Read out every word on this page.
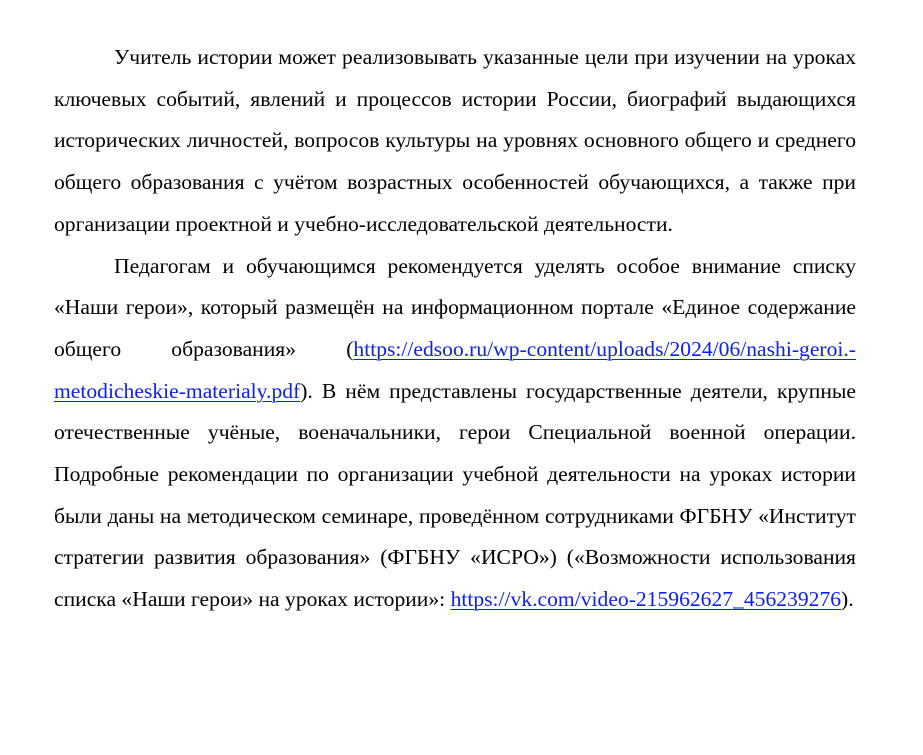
Учитель истории может реализовывать указанные цели при изучении на уроках ключевых событий, явлений и процессов истории России, биографий выдающихся исторических личностей, вопросов культуры на уровнях основного общего и среднего общего образования с учётом возрастных особенностей обучающихся, а также при организации проектной и учебно-исследовательской деятельности.

Педагогам и обучающимся рекомендуется уделять особое внимание списку «Наши герои», который размещён на информационном портале «Единое содержание общего образования» (https://edsoo.ru/wp-content/uploads/2024/06/nashi-geroi.-metodicheskie-materialy.pdf). В нём представлены государственные деятели, крупные отечественные учёные, военачальники, герои Специальной военной операции. Подробные рекомендации по организации учебной деятельности на уроках истории были даны на методическом семинаре, проведённом сотрудниками ФГБНУ «Институт стратегии развития образования» (ФГБНУ «ИСРО») («Возможности использования списка «Наши герои» на уроках истории»: https://vk.com/video-215962627_456239276).
